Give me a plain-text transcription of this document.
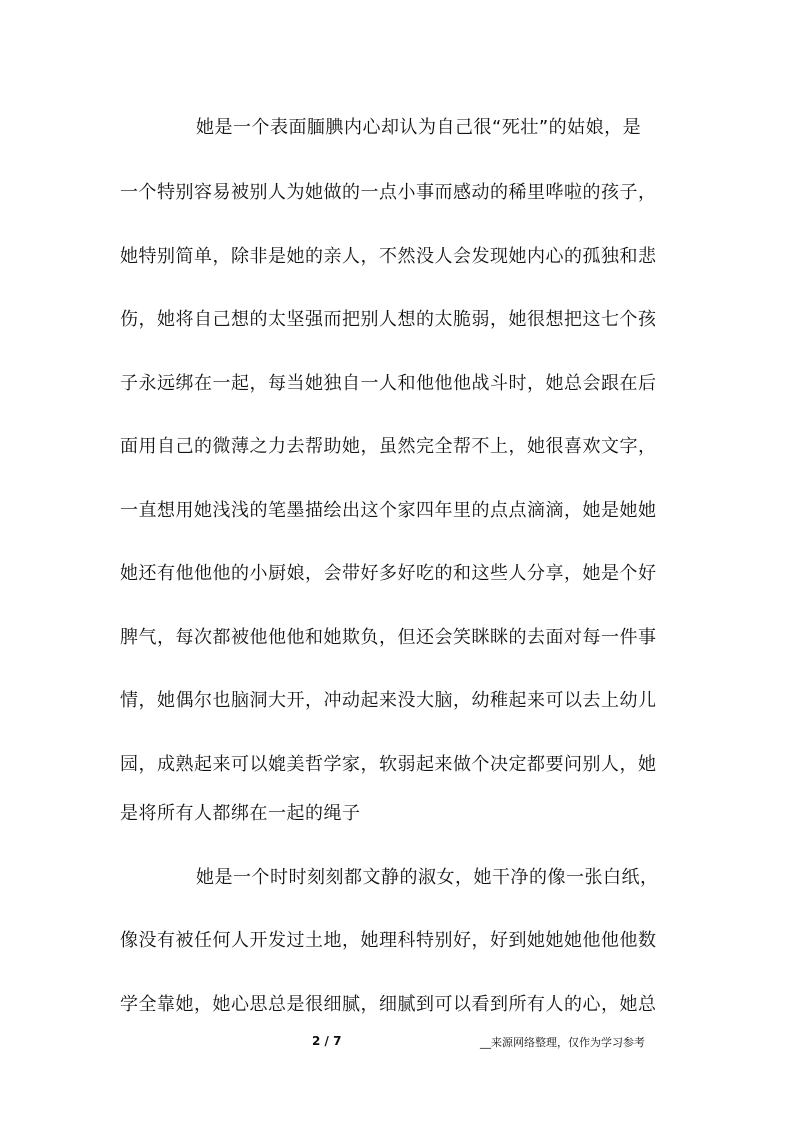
她是一个表面腼腆内心却认为自己很“死壮”的姑娘，是
一个特别容易被别人为她做的一点小事而感动的稀里哗啦的孩子，
她特别简单，除非是她的亲人，不然没人会发现她内心的孤独和悲
伤，她将自己想的太坚强而把别人想的太脆弱，她很想把这七个孩
子永远绑在一起，每当她独自一人和他他他战斗时，她总会跟在后
面用自己的微薄之力去帮助她，虽然完全帮不上，她很喜欢文字，
一直想用她浅浅的笔墨描绘出这个家四年里的点点滴滴，她是她她
她还有他他他的小厨娘，会带好多好吃的和这些人分享，她是个好
脾气，每次都被他他他和她欺负，但还会笑眯眯的去面对每一件事
情，她偶尔也脑洞大开，冲动起来没大脑，幼稚起来可以去上幼儿
园，成熟起来可以媲美哲学家，软弱起来做个决定都要问别人，她
是将所有人都绑在一起的绳子
她是一个时时刻刻都文静的淑女，她干净的像一张白纸，
像没有被任何人开发过土地，她理科特别好，好到她她她他他他数
学全靠她，她心思总是很细腻，细腻到可以看到所有人的心，她总
2 / 7	__来源网络整理，仅作为学习参考
